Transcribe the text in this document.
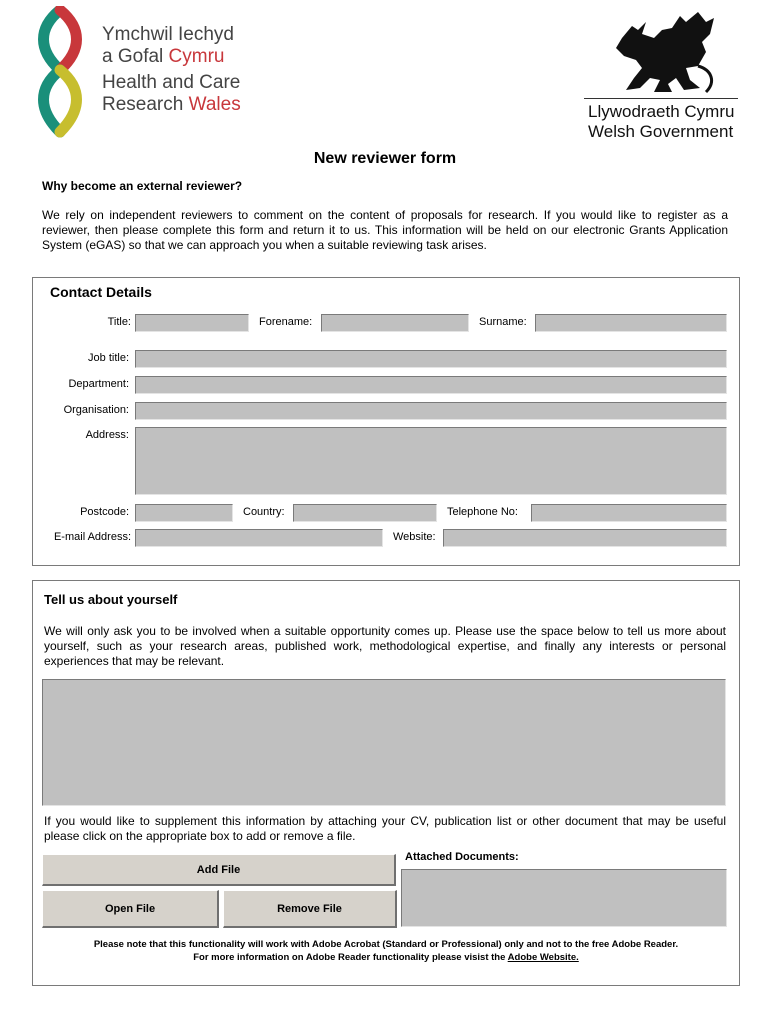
Ymchwil Iechyd
a Gofal Cymru
Health and Care
Research Wales	Llywodraeth Cymru
Welsh Government
New reviewer form
Why become an external reviewer?
We rely on independent reviewers to comment on the content of proposals for research. If you would like to register as a reviewer, then please complete this form and return it to us. This information will be held on our electronic Grants Application System (eGAS) so that we can approach you when a suitable reviewing task arises.
Contact Details
Title:	Forename:	Surname:
Job title:
Department:
Organisation:
Address:
Postcode:	Country:	Telephone No:
E-mail Address:	Website:
Tell us about yourself
We will only ask you to be involved when a suitable opportunity comes up. Please use the space below to tell us more about yourself, such as your research areas, published work, methodological expertise, and finally any interests or personal experiences that may be relevant.
If you would like to supplement this information by attaching your CV, publication list or other document that may be useful please click on the appropriate box to add or remove a file.
Add File
Open File	Remove File
Attached Documents:
Please note that this functionality will work with Adobe Acrobat (Standard or Professional) only and not to the free Adobe Reader.
For more information on Adobe Reader functionality please visist the Adobe Website.
